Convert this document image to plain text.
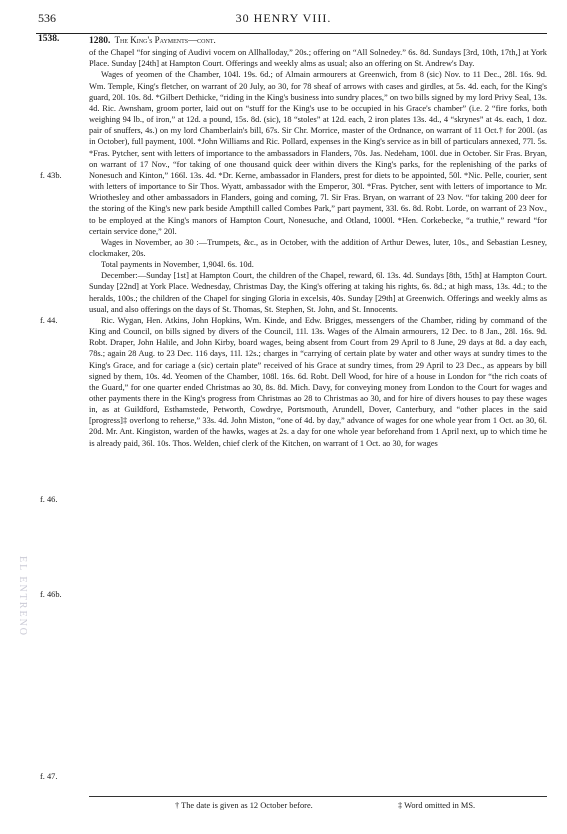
536	30 HENRY VIII.
1538.	1280. The King's Payments—cont.

of the Chapel “for singing of Audivi vocem on Allhalloday,” 20s.; offering on “All Solnedey.” 6s. 8d. Sundays [3rd, 10th, 17th,] at York Place. Sunday [24th] at Hampton Court. Offerings and weekly alms as usual; also an offering on St. Andrew's Day.

Wages of yeomen of the Chamber, 104l. 19s. 6d.; of Almain armourers at Greenwich, from 8 (sic) Nov. to 11 Dec., 28l. 16s. 9d. Wm. Temple, King's fletcher, on warrant of 20 July, ao 30, for 78 sheaf of arrows with cases and girdles, at 5s. 4d. each, for the King's guard, 20l. 10s. 8d. *Gilbert Dethicke, “riding in the King's business into sundry places,” on two bills signed by my lord Privy Seal, 13s. 4d. Ric. Awnsham, groom porter, laid out on “stuff for the King's use to be occupied in his Grace's chamber” (i.e. 2 “fire forks, both weighing 94 lb., of iron,” at 12d. a pound, 15s. 8d. (sic), 18 “stoles” at 12d. each, 2 iron plates 13s. 4d., 4 “skrynes” at 4s. each, 1 doz. pair of snuffers, 4s.) on my lord Chamberlain's bill, 67s. Sir Chr. Morrice, master of the Ordnance, on warrant of 11 Oct.† for 200l. (as in October), full payment, 100l. *John Williams and Ric. Pollard, expenses in the King's service as in bill of particulars annexed, 77l. 5s. *Fras. Pytcher, sent with letters of importance to the ambassadors in Flanders, 70s. Jas. Nedeham, 100l. due in October. Sir Fras. Bryan, on warrant of 17 Nov., “for taking of one thousand quick deer within divers the King's parks, for the replenishing of the parks of Nonesuch and Kinton,” 166l. 13s. 4d. *Dr. Kerne, ambassador in Flanders, prest for diets to be appointed, 50l. *Nic. Pelle, courier, sent with letters of importance to Sir Thos. Wyatt, ambassador with the Emperor, 30l. *Fras. Pytcher, sent with letters of importance to Mr. Wriothesley and other ambassadors in Flanders, going and coming, 7l. Sir Fras. Bryan, on warrant of 23 Nov. “for taking 200 deer for the storing of the King's new park beside Ampthill called Combes Park,” part payment, 33l. 6s. 8d. Robt. Lorde, on warrant of 23 Nov., to be employed at the King's manors of Hampton Court, Nonesuche, and Otland, 1000l. *Hen. Corkebecke, “a truthie,” reward “for certain service done,” 20l.

Wages in November, ao 30 :—Trumpets, &c., as in October, with the addition of Arthur Dewes, luter, 10s., and Sebastian Lesney, clockmaker, 20s.

Total payments in November, 1,904l. 6s. 10d.

December:—Sunday [1st] at Hampton Court, the children of the Chapel, reward, 6l. 13s. 4d. Sundays [8th, 15th] at Hampton Court. Sunday [22nd] at York Place. Wednesday, Christmas Day, the King's offering at taking his rights, 6s. 8d.; at high mass, 13s. 4d.; to the heralds, 100s.; the children of the Chapel for singing Gloria in excelsis, 40s. Sunday [29th] at Greenwich. Offerings and weekly alms as usual, and also offerings on the days of St. Thomas, St. Stephen, St. John, and St. Innocents.

Ric. Wygan, Hen. Atkins, John Hopkins, Wm. Kinde, and Edw. Brigges, messengers of the Chamber, riding by command of the King and Council, on bills signed by divers of the Council, 11l. 13s. Wages of the Almain armourers, 12 Dec. to 8 Jan., 28l. 16s. 9d. Robt. Draper, John Halile, and John Kirby, board wages, being absent from Court from 29 April to 8 June, 29 days at 8d. a day each, 78s.; again 28 Aug. to 23 Dec. 116 days, 11l. 12s.; charges in “carrying of certain plate by water and other ways at sundry times to the King's Grace, and for cariage a (sic) certain plate” received of his Grace at sundry times, from 29 April to 23 Dec., as appears by bill signed by them, 10s. 4d. Yeomen of the Chamber, 108l. 16s. 6d. Robt. Dell Wood, for hire of a house in London for “the rich coats of the Guard,” for one quarter ended Christmas ao 30, 8s. 8d. Mich. Davy, for conveying money from London to the Court for wages and other payments there in the King's progress from Christmas ao 28 to Christmas ao 30, and for hire of divers houses to pay these wages in, as at Guildford, Esthamstede, Petworth, Cowdrye, Portsmouth, Arundell, Dover, Canterbury, and “other places in the said [progress]‡ overlong to reherse,” 33s. 4d. John Miston, “one of 4d. by day,” advance of wages for one whole year from 1 Oct. ao 30, 6l. 20d. Mr. Ant. Kingiston, warden of the hawks, wages at 2s. a day for one whole year beforehand from 1 April next, up to which time he is already paid, 36l. 10s. Thos. Welden, chief clerk of the Kitchen, on warrant of 1 Oct. ao 30, for wages

f. 43b.
f. 44.
f. 46.
f. 46b.
f. 47.
EL ENTRENO
† The date is given as 12 October before.	‡ Word omitted in MS.
